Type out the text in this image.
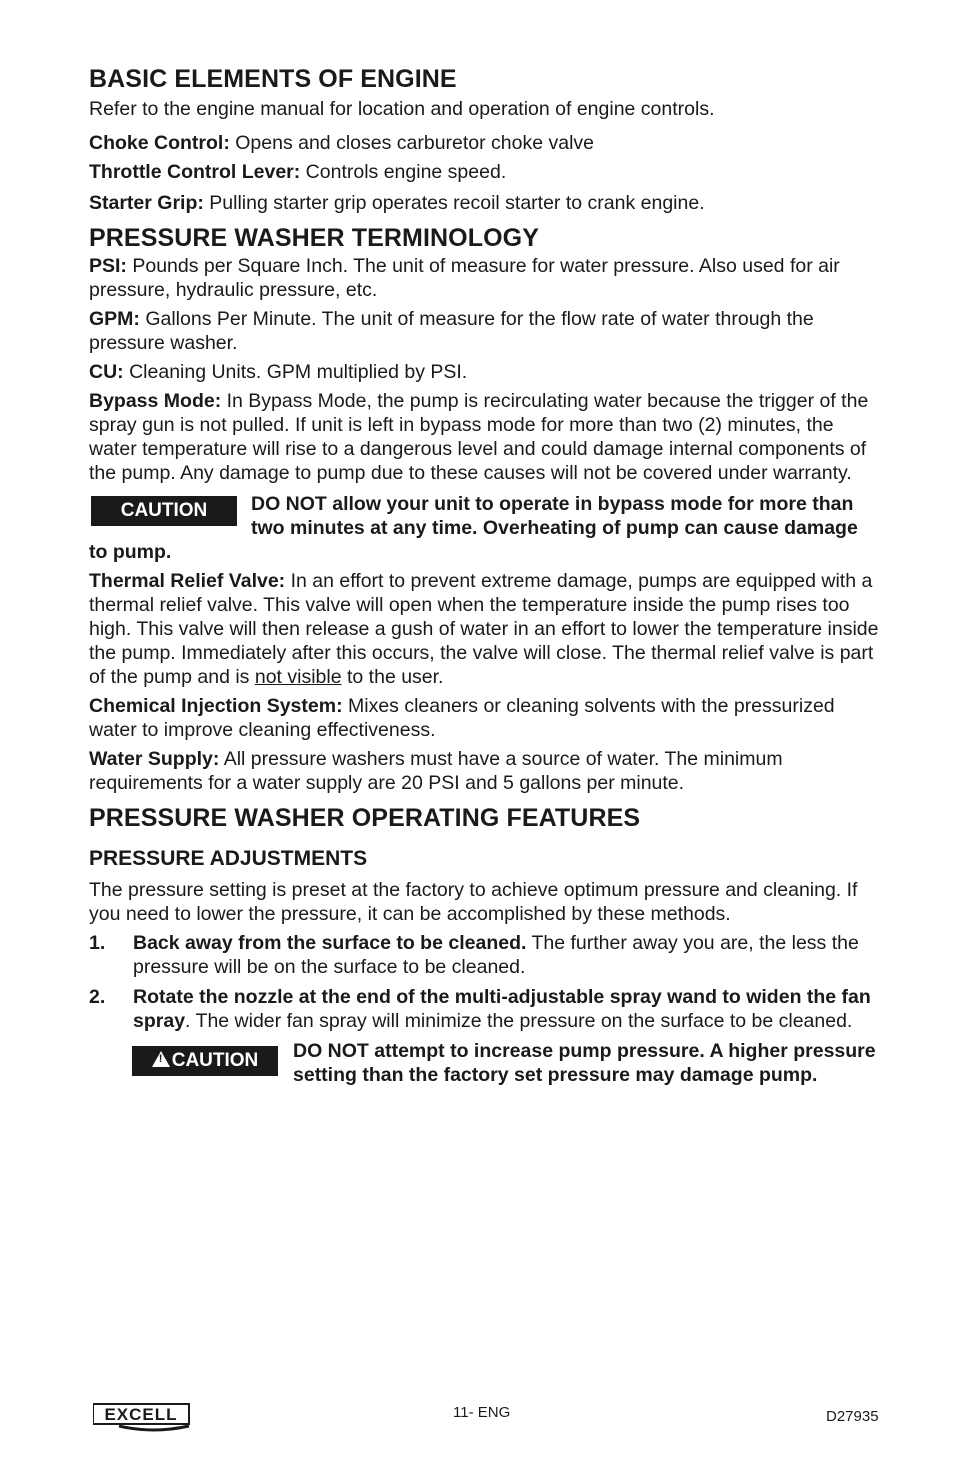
BASIC ELEMENTS OF ENGINE

Refer to the engine manual for location and operation of engine controls.

Choke Control: Opens and closes carburetor choke valve

Throttle Control Lever: Controls engine speed.

Starter Grip: Pulling starter grip operates recoil starter to crank engine.

PRESSURE WASHER TERMINOLOGY

PSI: Pounds per Square Inch. The unit of measure for water pressure. Also used for air pressure, hydraulic pressure, etc.

GPM: Gallons Per Minute. The unit of measure for the flow rate of water through the pressure washer.

CU: Cleaning Units. GPM multiplied by PSI.

Bypass Mode: In Bypass Mode, the pump is recirculating water because the trigger of the spray gun is not pulled. If unit is left in bypass mode for more than two (2) minutes, the water temperature will rise to a dangerous level and could damage internal components of the pump. Any damage to pump due to these causes will not be covered under warranty.

CAUTION	DO NOT allow your unit to operate in bypass mode for more than two minutes at any time. Overheating of pump can cause damage to pump.

Thermal Relief Valve: In an effort to prevent extreme damage, pumps are equipped with a thermal relief valve. This valve will open when the temperature inside the pump rises too high. This valve will then release a gush of water in an effort to lower the temperature inside the pump. Immediately after this occurs, the valve will close. The thermal relief valve is part of the pump and is not visible to the user.

Chemical Injection System: Mixes cleaners or cleaning solvents with the pressurized water to improve cleaning effectiveness.

Water Supply: All pressure washers must have a source of water. The minimum requirements for a water supply are 20 PSI and 5 gallons per minute.

PRESSURE WASHER OPERATING FEATURES
PRESSURE ADJUSTMENTS

The pressure setting is preset at the factory to achieve optimum pressure and cleaning. If you need to lower the pressure, it can be accomplished by these methods.

1. Back away from the surface to be cleaned. The further away you are, the less the pressure will be on the surface to be cleaned.
2. Rotate the nozzle at the end of the multi-adjustable spray wand to widen the fan spray. The wider fan spray will minimize the pressure on the surface to be cleaned.
!CAUTION	DO NOT attempt to increase pump pressure. A higher pressure setting than the factory set pressure may damage pump.
EXCELL	11- ENG	D27935
